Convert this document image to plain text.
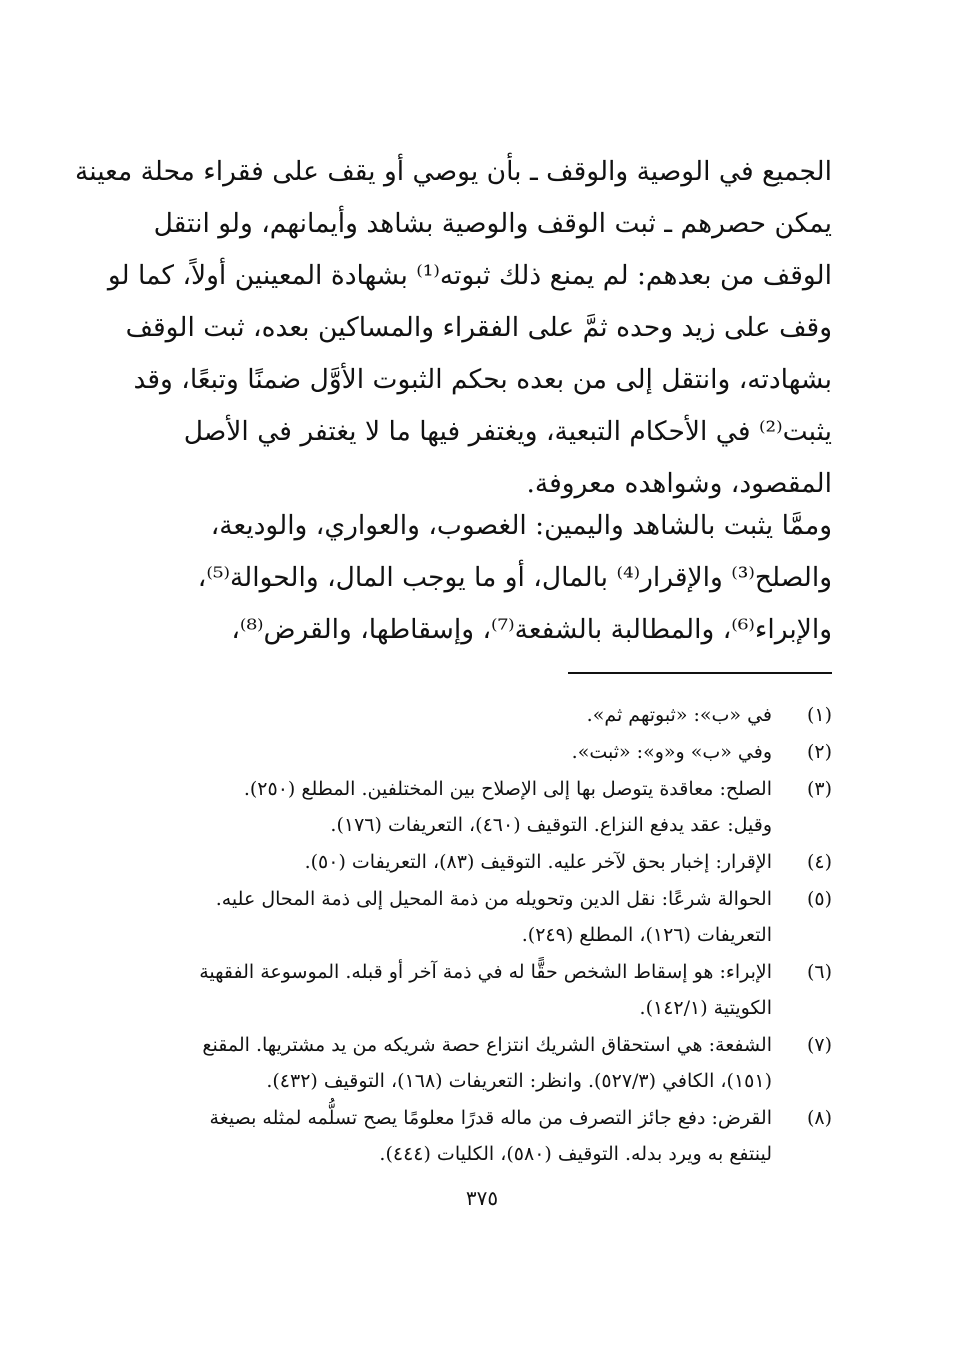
الجميع في الوصية والوقف ـ بأن يوصي أو يقف على فقراء محلة معينة
يمكن حصرهم ـ ثبت الوقف والوصية بشاهد وأيمانهم، ولو انتقل
الوقف من بعدهم: لم يمنع ذلك ثبوته⁽¹⁾ بشهادة المعينين أولاً، كما لو
وقف على زيد وحده ثمَّ على الفقراء والمساكين بعده، ثبت الوقف
بشهادته، وانتقل إلى من بعده بحكم الثبوت الأوَّل ضمنًا وتبعًا، وقد
يثبت⁽²⁾ في الأحكام التبعية، ويغتفر فيها ما لا يغتفر في الأصل
المقصود، وشواهده معروفة.
وممَّا يثبت بالشاهد واليمين: الغصوب، والعواري، والوديعة،
والصلح⁽³⁾ والإقرار⁽⁴⁾ بالمال، أو ما يوجب المال، والحوالة⁽⁵⁾،
والإبراء⁽⁶⁾، والمطالبة بالشفعة⁽⁷⁾، وإسقاطها، والقرض⁽⁸⁾،
(١)
في «ب»: «ثبوتهم ثم».
(٢)
وفي «ب» و«و»: «ثبت».
(٣)
الصلح: معاقدة يتوصل بها إلى الإصلاح بين المختلفين. المطلع (٢٥٠).
وقيل: عقد يدفع النزاع. التوقيف (٤٦٠)، التعريفات (١٧٦).
(٤)
الإقرار: إخبار بحق لآخر عليه. التوقيف (٨٣)، التعريفات (٥٠).
(٥)
الحوالة شرعًا: نقل الدين وتحويله من ذمة المحيل إلى ذمة المحال عليه.
التعريفات (١٢٦)، المطلع (٢٤٩).
(٦)
الإبراء: هو إسقاط الشخص حقًّا له في ذمة آخر أو قبله. الموسوعة الفقهية
الكويتية (١٤٢/١).
(٧)
الشفعة: هي استحقاق الشريك انتزاع حصة شريكه من يد مشتريها. المقنع
(١٥١)، الكافي (٥٢٧/٣). وانظر: التعريفات (١٦٨)، التوقيف (٤٣٢).
(٨)
القرض: دفع جائز التصرف من ماله قدرًا معلومًا يصح تسلُّمه لمثله بصيغة
لينتفع به ويرد بدله. التوقيف (٥٨٠)، الكليات (٤٤٤).
٣٧٥
